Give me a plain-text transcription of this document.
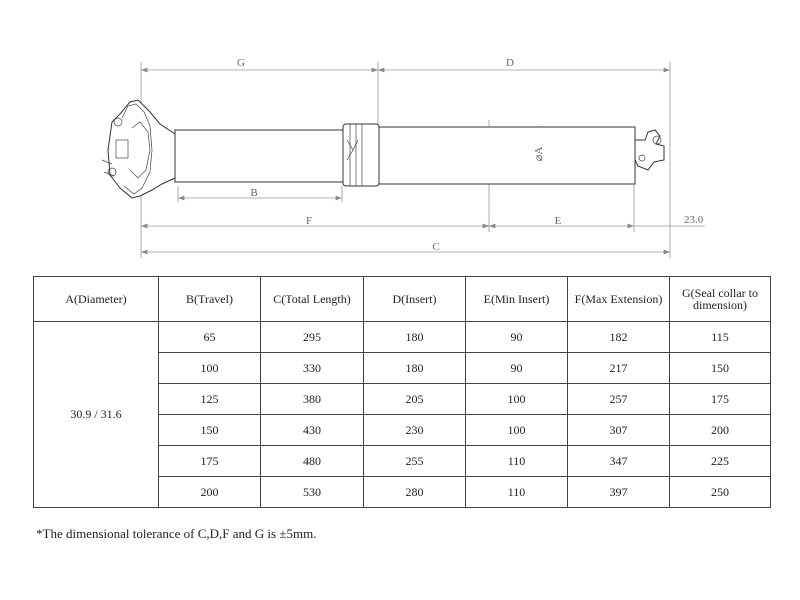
G	D
⌀A
B
F	E	23.0
C
A(Diameter)	B(Travel)	C(Total Length)	D(Insert)	E(Min Insert)	F(Max Extension)	G(Seal collar to dimension)
30.9 / 31.6	65	295	180	90	182	115
	100	330	180	90	217	150
	125	380	205	100	257	175
	150	430	230	100	307	200
	175	480	255	110	347	225
	200	530	280	110	397	250
*The dimensional tolerance of C,D,F and G is ±5mm.
